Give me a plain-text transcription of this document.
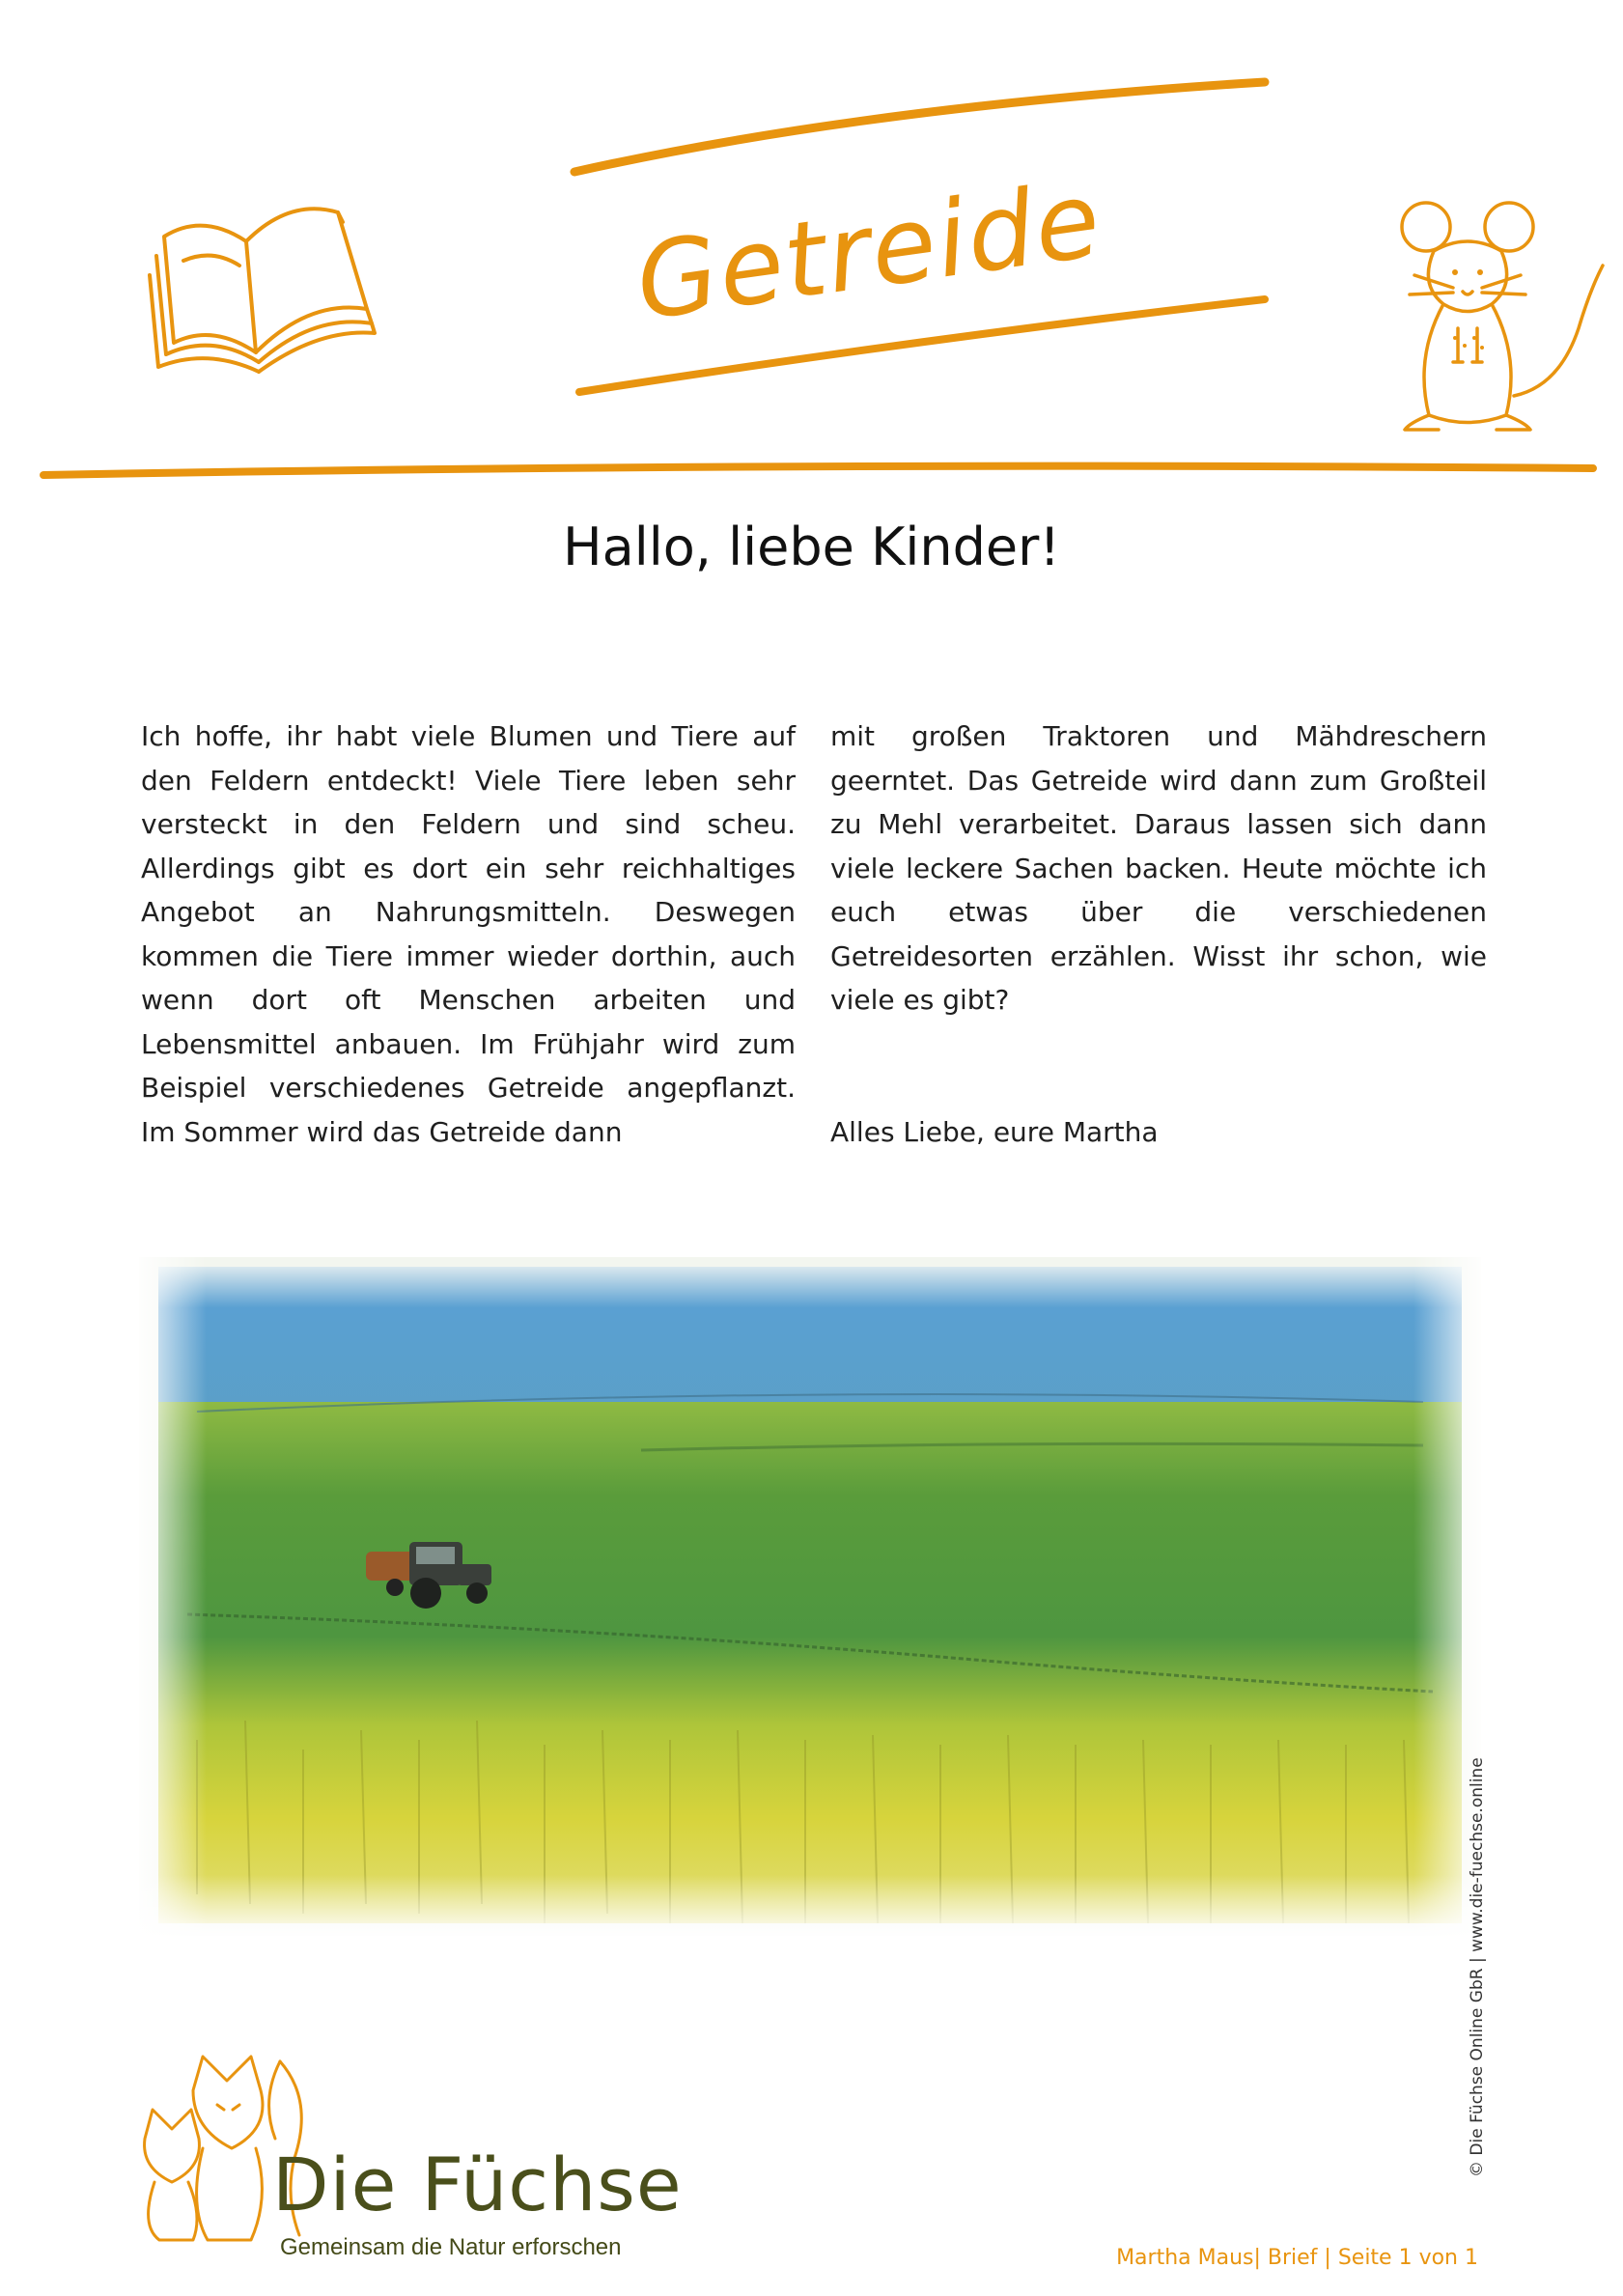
Getreide
Hallo, liebe Kinder!
Ich hoffe, ihr habt viele Blumen und Tiere auf den Feldern entdeckt! Viele Tiere leben sehr versteckt in den Feldern und sind scheu. Allerdings gibt es dort ein sehr reichhaltiges Angebot an Nahrungsmitteln. Deswegen kommen die Tiere immer wieder dorthin, auch wenn dort oft Menschen arbeiten und Lebensmittel anbauen. Im Frühjahr wird zum Beispiel verschiedenes Getreide angepflanzt. Im Sommer wird das Getreide dann

mit großen Traktoren und Mähdreschern geerntet. Das Getreide wird dann zum Großteil zu Mehl verarbeitet. Daraus lassen sich dann viele leckere Sachen backen. Heute möchte ich euch etwas über die verschiedenen Getreidesorten erzählen. Wisst ihr schon, wie viele es gibt?

Alles Liebe, eure Martha

Die Füchse
Gemeinsam die Natur erforschen	Martha Maus| Brief | Seite 1 von 1
© Die Füchse Online GbR | www.die-fuechse.online
